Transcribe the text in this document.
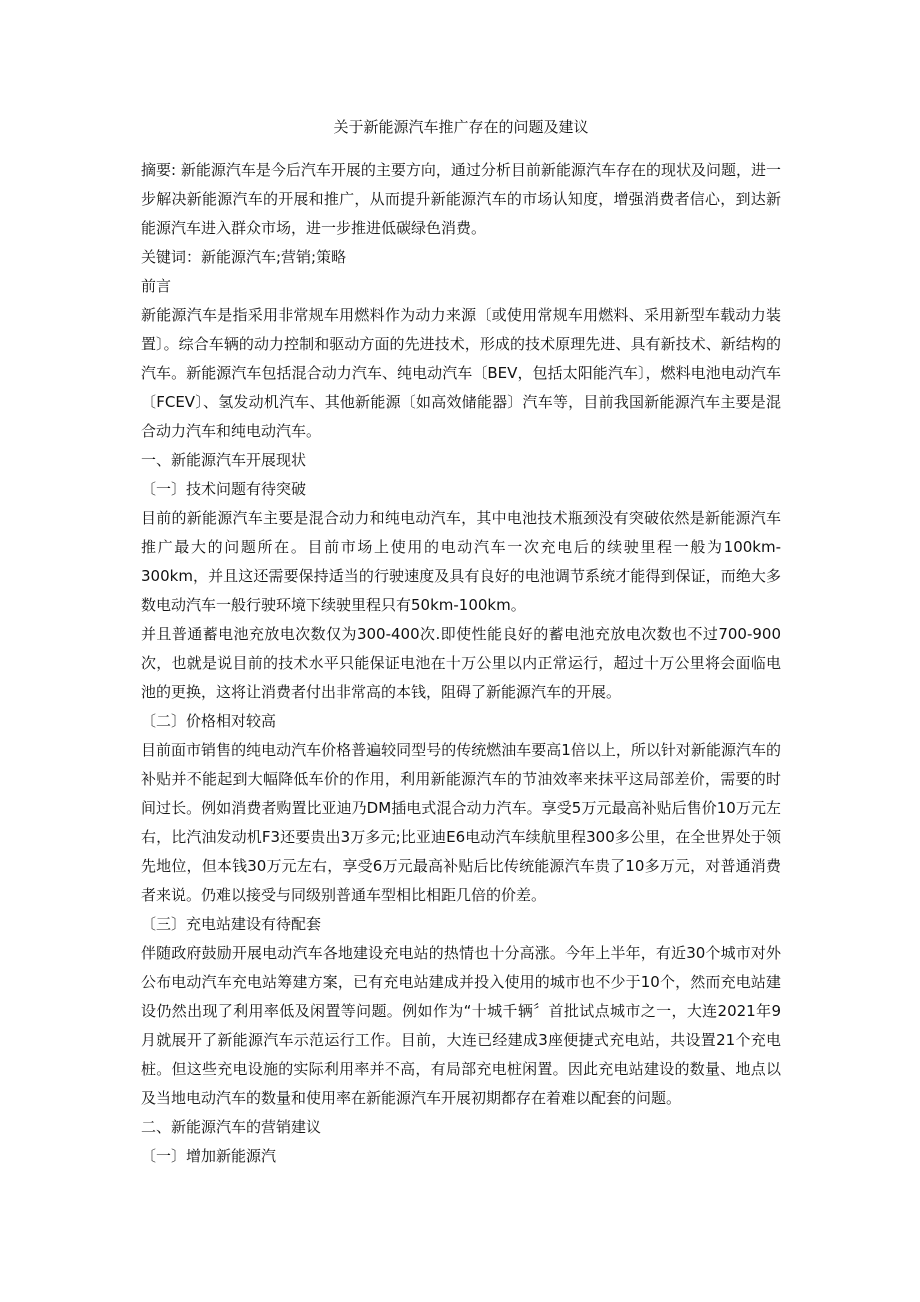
关于新能源汽车推广存在的问题及建议

摘要: 新能源汽车是今后汽车开展的主要方向，通过分析目前新能源汽车存在的现状及问题，进一步解决新能源汽车的开展和推广，从而提升新能源汽车的市场认知度，增强消费者信心，到达新能源汽车进入群众市场，进一步推进低碳绿色消费。

关键词：新能源汽车;营销;策略

前言

新能源汽车是指采用非常规车用燃料作为动力来源〔或使用常规车用燃料、采用新型车载动力装置〕。综合车辆的动力控制和驱动方面的先进技术，形成的技术原理先进、具有新技术、新结构的汽车。新能源汽车包括混合动力汽车、纯电动汽车〔BEV，包括太阳能汽车〕，燃料电池电动汽车〔FCEV〕、氢发动机汽车、其他新能源〔如高效储能器〕汽车等，目前我国新能源汽车主要是混合动力汽车和纯电动汽车。

一、新能源汽车开展现状

〔一〕技术问题有待突破

目前的新能源汽车主要是混合动力和纯电动汽车，其中电池技术瓶颈没有突破依然是新能源汽车推广最大的问题所在。目前市场上使用的电动汽车一次充电后的续驶里程一般为100km-300km，并且这还需要保持适当的行驶速度及具有良好的电池调节系统才能得到保证，而绝大多数电动汽车一般行驶环境下续驶里程只有50km-100km。

并且普通蓄电池充放电次数仅为300-400次.即使性能良好的蓄电池充放电次数也不过700-900次，也就是说目前的技术水平只能保证电池在十万公里以内正常运行，超过十万公里将会面临电池的更换，这将让消费者付出非常高的本钱，阻碍了新能源汽车的开展。

〔二〕价格相对较高

目前面市销售的纯电动汽车价格普遍较同型号的传统燃油车要高1倍以上，所以针对新能源汽车的补贴并不能起到大幅降低车价的作用，利用新能源汽车的节油效率来抹平这局部差价，需要的时间过长。例如消费者购置比亚迪乃DM插电式混合动力汽车。享受5万元最高补贴后售价10万元左右，比汽油发动机F3还要贵出3万多元;比亚迪E6电动汽车续航里程300多公里，在全世界处于领先地位，但本钱30万元左右，享受6万元最高补贴后比传统能源汽车贵了10多万元，对普通消费者来说。仍难以接受与同级别普通车型相比相距几倍的价差。

〔三〕充电站建设有待配套

伴随政府鼓励开展电动汽车各地建设充电站的热情也十分高涨。今年上半年，有近30个城市对外公布电动汽车充电站筹建方案，已有充电站建成并投入使用的城市也不少于10个，然而充电站建设仍然出现了利用率低及闲置等问题。例如作为“十城千辆〞首批试点城市之一，大连2021年9月就展开了新能源汽车示范运行工作。目前，大连已经建成3座便捷式充电站，共设置21个充电桩。但这些充电设施的实际利用率并不高，有局部充电桩闲置。因此充电站建设的数量、地点以及当地电动汽车的数量和使用率在新能源汽车开展初期都存在着难以配套的问题。

二、新能源汽车的营销建议

〔一〕增加新能源汽
